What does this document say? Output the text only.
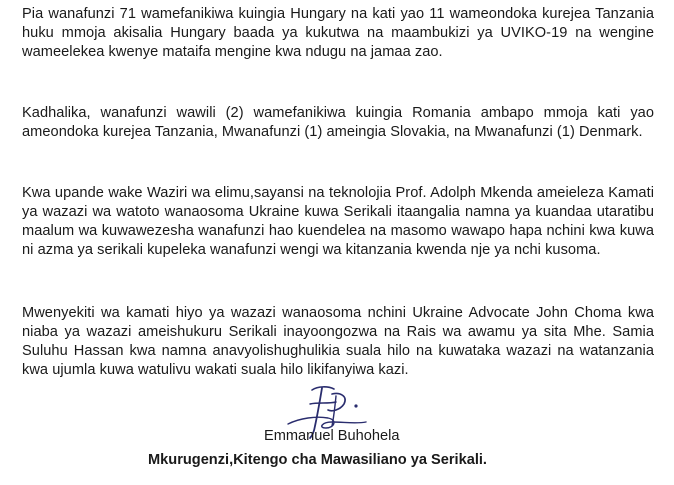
Pia wanafunzi 71 wamefanikiwa kuingia Hungary na kati yao 11 wameondoka kurejea Tanzania huku mmoja akisalia Hungary baada ya kukutwa na maambukizi ya UVIKO-19 na wengine wameelekea kwenye mataifa mengine kwa ndugu na jamaa zao.

Kadhalika, wanafunzi wawili (2) wamefanikiwa kuingia Romania ambapo mmoja kati yao ameondoka kurejea Tanzania, Mwanafunzi (1) ameingia Slovakia, na Mwanafunzi (1) Denmark.

Kwa upande wake Waziri wa elimu,sayansi na teknolojia Prof. Adolph Mkenda ameieleza Kamati ya wazazi wa watoto wanaosoma Ukraine kuwa Serikali itaangalia namna ya kuandaa utaratibu maalum wa kuwawezesha wanafunzi hao kuendelea na masomo wawapo hapa nchini kwa kuwa ni azma ya serikali kupeleka wanafunzi wengi wa kitanzania kwenda nje ya nchi kusoma.

Mwenyekiti wa kamati hiyo ya wazazi wanaosoma nchini Ukraine Advocate John Choma kwa niaba ya wazazi ameishukuru Serikali inayoongozwa na Rais wa awamu ya sita Mhe. Samia Suluhu Hassan kwa namna anavyolishughulikia suala hilo na kuwataka wazazi na watanzania kwa ujumla kuwa watulivu wakati suala hilo likifanyiwa kazi.

Emmanuel Buhohela
Mkurugenzi,Kitengo cha Mawasiliano ya Serikali.
